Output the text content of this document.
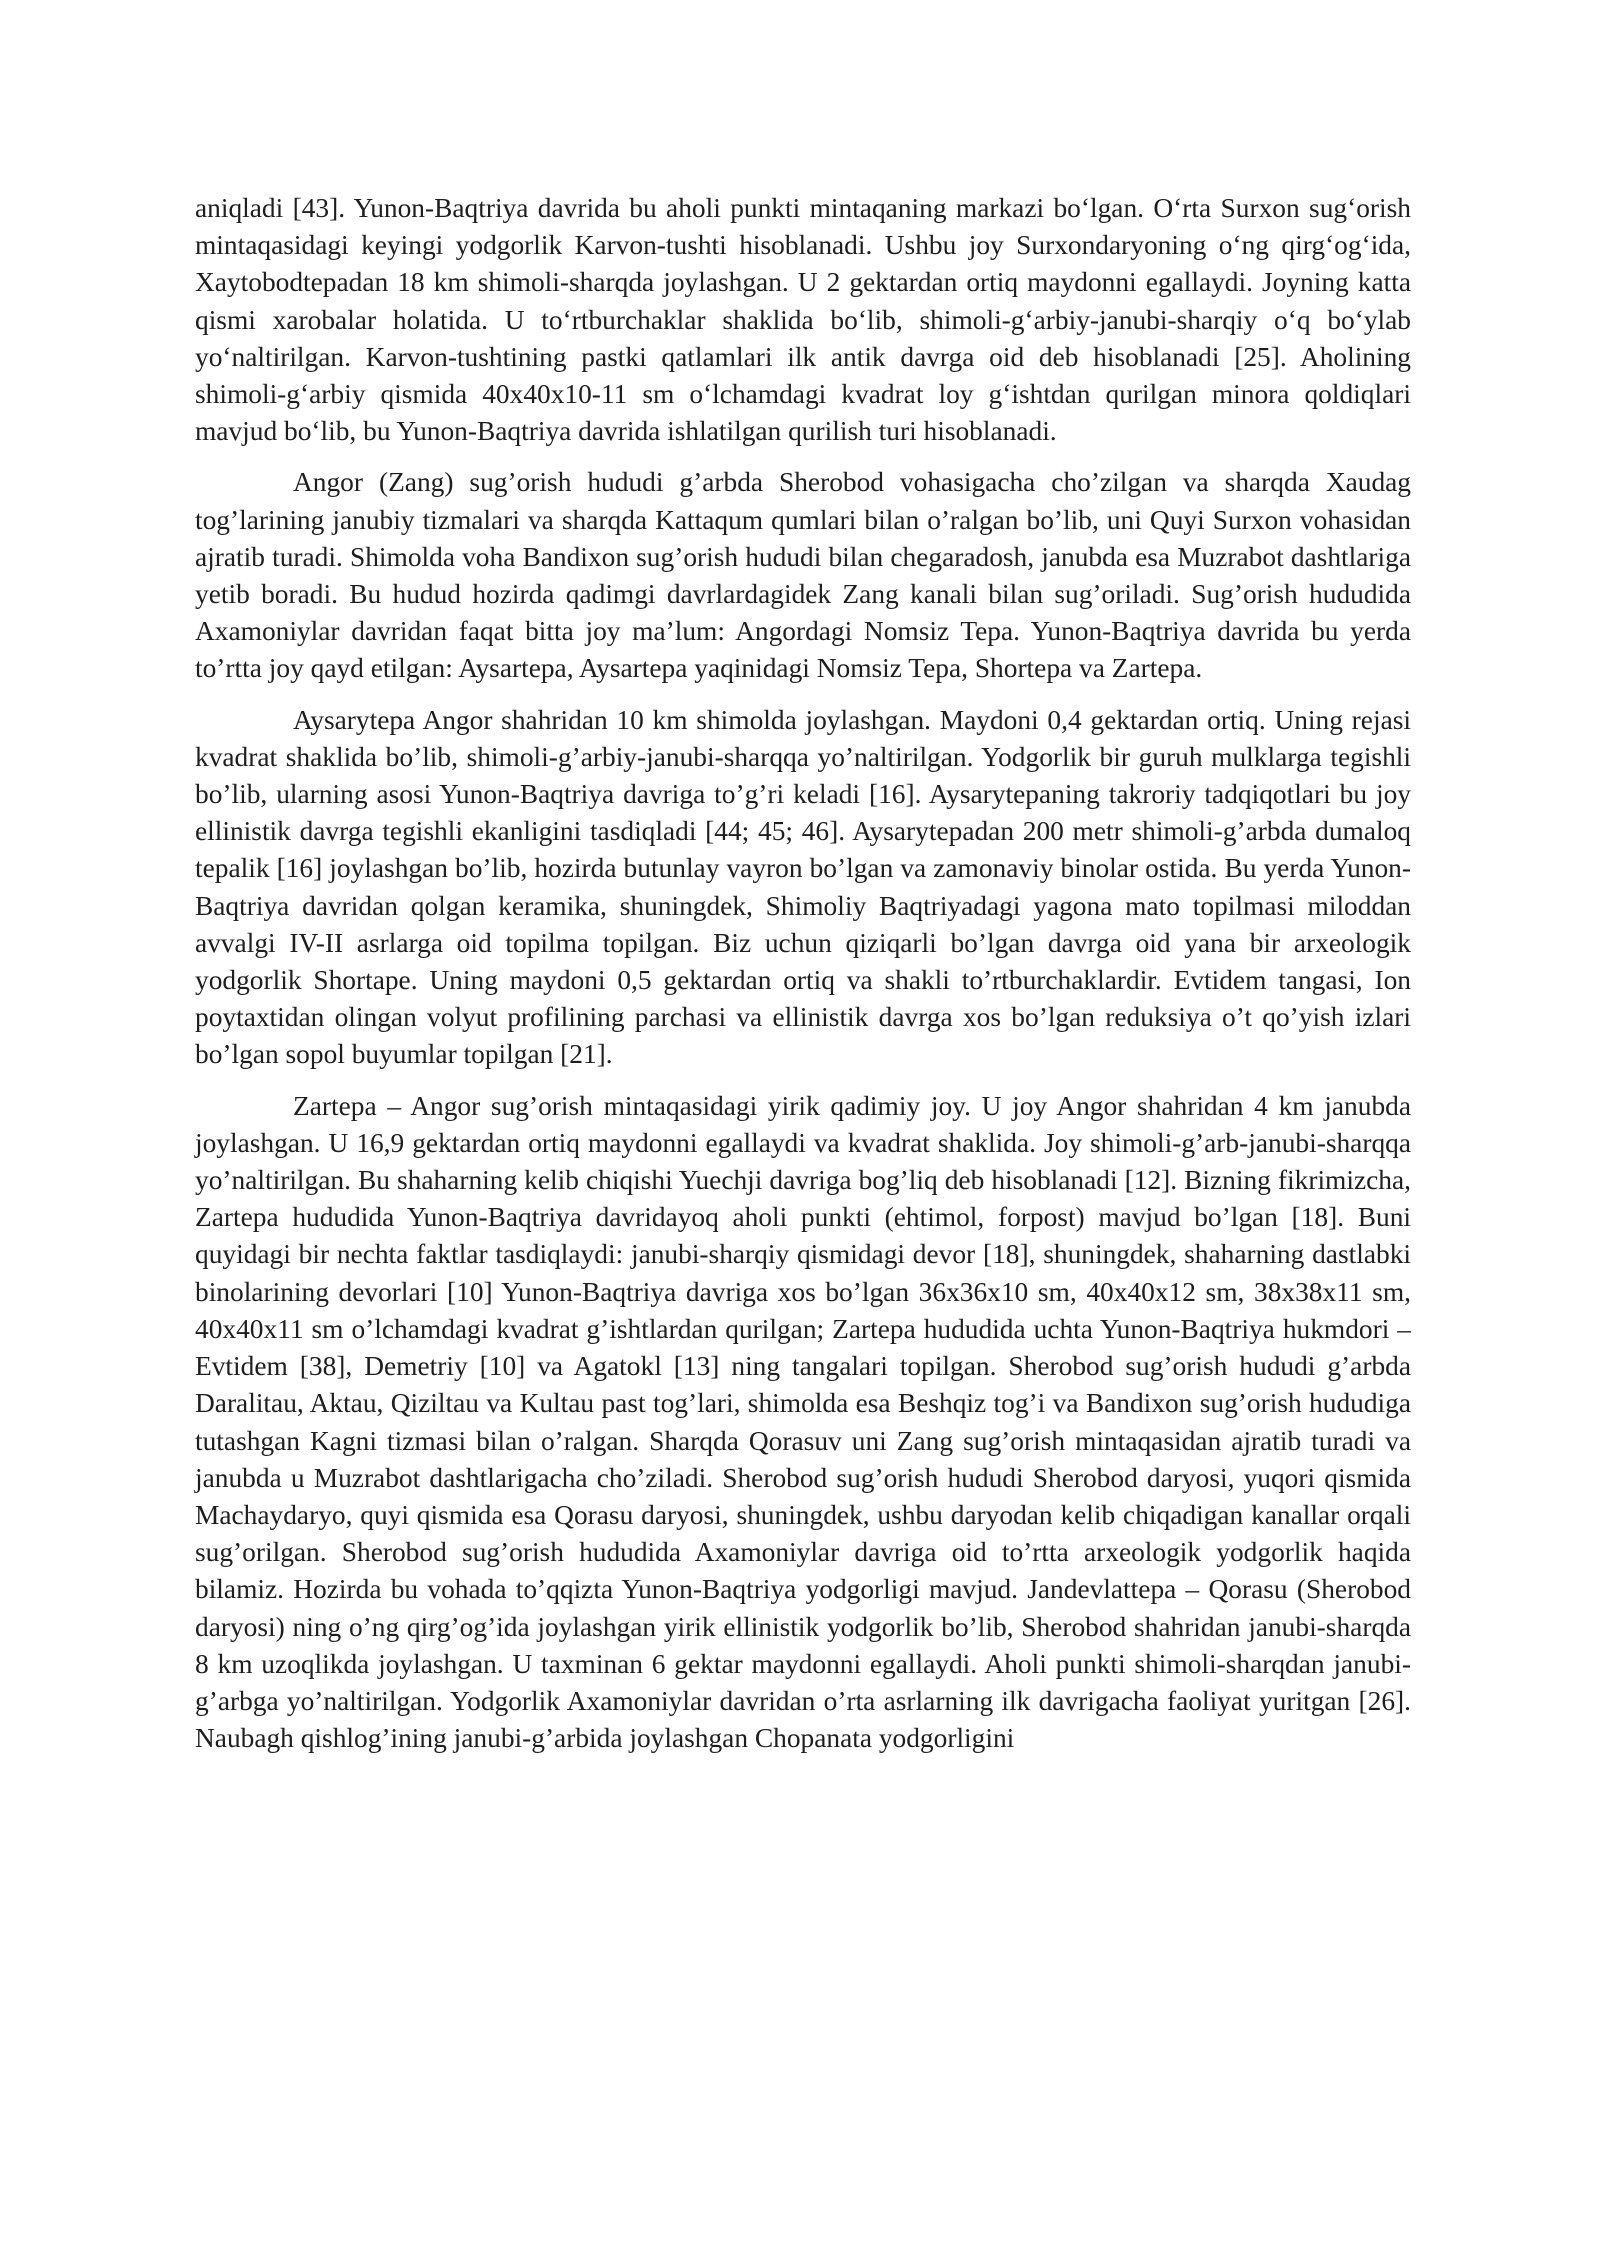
aniqladi [43]. Yunon-Baqtriya davrida bu aholi punkti mintaqaning markazi bo‘lgan. O‘rta Surxon sug‘orish mintaqasidagi keyingi yodgorlik Karvon-tushti hisoblanadi. Ushbu joy Surxondaryoning o‘ng qirg‘og‘ida, Xaytobodtepadan 18 km shimoli-sharqda joylashgan. U 2 gektardan ortiq maydonni egallaydi. Joyning katta qismi xarobalar holatida. U to‘rtburchaklar shaklida bo‘lib, shimoli-g‘arbiy-janubi-sharqiy o‘q bo‘ylab yo‘naltirilgan. Karvon-tushtining pastki qatlamlari ilk antik davrga oid deb hisoblanadi [25]. Aholining shimoli-g‘arbiy qismida 40x40x10-11 sm o‘lchamdagi kvadrat loy g‘ishtdan qurilgan minora qoldiqlari mavjud bo‘lib, bu Yunon-Baqtriya davrida ishlatilgan qurilish turi hisoblanadi.

Angor (Zang) sug’orish hududi g’arbda Sherobod vohasigacha cho’zilgan va sharqda Xaudag tog’larining janubiy tizmalari va sharqda Kattaqum qumlari bilan o’ralgan bo’lib, uni Quyi Surxon vohasidan ajratib turadi. Shimolda voha Bandixon sug’orish hududi bilan chegaradosh, janubda esa Muzrabot dashtlariga yetib boradi. Bu hudud hozirda qadimgi davrlardagidek Zang kanali bilan sug’oriladi. Sug’orish hududida Axamoniylar davridan faqat bitta joy ma’lum: Angordagi Nomsiz Tepa. Yunon-Baqtriya davrida bu yerda to’rtta joy qayd etilgan: Aysartepa, Aysartepa yaqinidagi Nomsiz Tepa, Shortepa va Zartepa.

Aysarytepa Angor shahridan 10 km shimolda joylashgan. Maydoni 0,4 gektardan ortiq. Uning rejasi kvadrat shaklida bo’lib, shimoli-g’arbiy-janubi-sharqqa yo’naltirilgan. Yodgorlik bir guruh mulklarga tegishli bo’lib, ularning asosi Yunon-Baqtriya davriga to’g’ri keladi [16]. Aysarytepaning takroriy tadqiqotlari bu joy ellinistik davrga tegishli ekanligini tasdiqladi [44; 45; 46]. Aysarytepadan 200 metr shimoli-g’arbda dumaloq tepalik [16] joylashgan bo’lib, hozirda butunlay vayron bo’lgan va zamonaviy binolar ostida. Bu yerda Yunon-Baqtriya davridan qolgan keramika, shuningdek, Shimoliy Baqtriyadagi yagona mato topilmasi miloddan avvalgi IV-II asrlarga oid topilma topilgan. Biz uchun qiziqarli bo’lgan davrga oid yana bir arxeologik yodgorlik Shortape. Uning maydoni 0,5 gektardan ortiq va shakli to’rtburchaklardir. Evtidem tangasi, Ion poytaxtidan olingan volyut profilining parchasi va ellinistik davrga xos bo’lgan reduksiya o’t qo’yish izlari bo’lgan sopol buyumlar topilgan [21].

Zartepa – Angor sug’orish mintaqasidagi yirik qadimiy joy. U joy Angor shahridan 4 km janubda joylashgan. U 16,9 gektardan ortiq maydonni egallaydi va kvadrat shaklida. Joy shimoli-g’arb-janubi-sharqqa yo’naltirilgan. Bu shaharning kelib chiqishi Yuechji davriga bog’liq deb hisoblanadi [12]. Bizning fikrimizcha, Zartepa hududida Yunon-Baqtriya davridayoq aholi punkti (ehtimol, forpost) mavjud bo’lgan [18]. Buni quyidagi bir nechta faktlar tasdiqlaydi: janubi-sharqiy qismidagi devor [18], shuningdek, shaharning dastlabki binolarining devorlari [10] Yunon-Baqtriya davriga xos bo’lgan 36x36x10 sm, 40x40x12 sm, 38x38x11 sm, 40x40x11 sm o’lchamdagi kvadrat g’ishtlardan qurilgan; Zartepa hududida uchta Yunon-Baqtriya hukmdori – Evtidem [38], Demetriy [10] va Agatokl [13] ning tangalari topilgan. Sherobod sug’orish hududi g’arbda Daralitau, Aktau, Qiziltau va Kultau past tog’lari, shimolda esa Beshqiz tog’i va Bandixon sug’orish hududiga tutashgan Kagni tizmasi bilan o’ralgan. Sharqda Qorasuv uni Zang sug’orish mintaqasidan ajratib turadi va janubda u Muzrabot dashtlarigacha cho’ziladi. Sherobod sug’orish hududi Sherobod daryosi, yuqori qismida Machaydaryo, quyi qismida esa Qorasu daryosi, shuningdek, ushbu daryodan kelib chiqadigan kanallar orqali sug’orilgan. Sherobod sug’orish hududida Axamoniylar davriga oid to’rtta arxeologik yodgorlik haqida bilamiz. Hozirda bu vohada to’qqizta Yunon-Baqtriya yodgorligi mavjud. Jandevlattepa – Qorasu (Sherobod daryosi) ning o’ng qirg’og’ida joylashgan yirik ellinistik yodgorlik bo’lib, Sherobod shahridan janubi-sharqda 8 km uzoqlikda joylashgan. U taxminan 6 gektar maydonni egallaydi. Aholi punkti shimoli-sharqdan janubi-g’arbga yo’naltirilgan. Yodgorlik Axamoniylar davridan o’rta asrlarning ilk davrigacha faoliyat yuritgan [26]. Naubagh qishlog’ining janubi-g’arbida joylashgan Chopanata yodgorligini
